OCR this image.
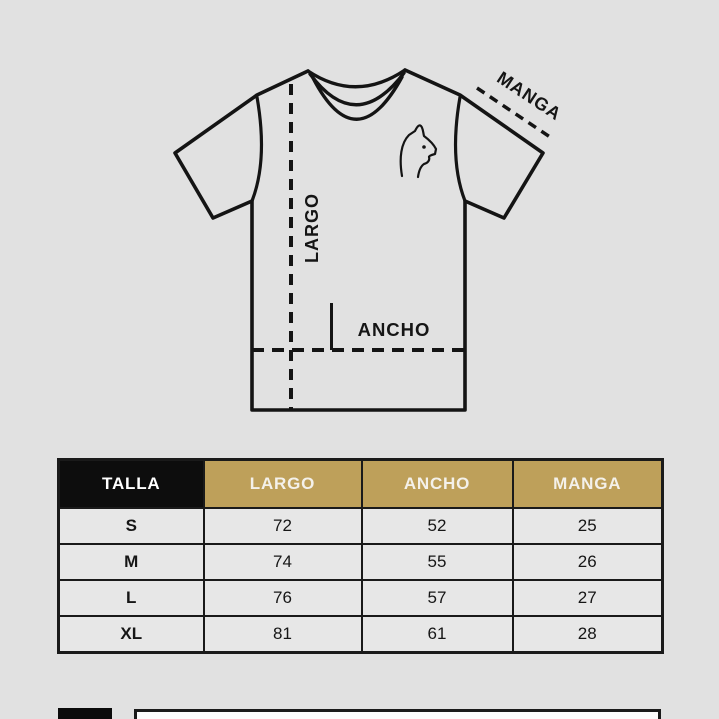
LARGO
ANCHO
MANGA
TALLA	LARGO	ANCHO	MANGA
S	72	52	25
M	74	55	26
L	76	57	27
XL	81	61	28
